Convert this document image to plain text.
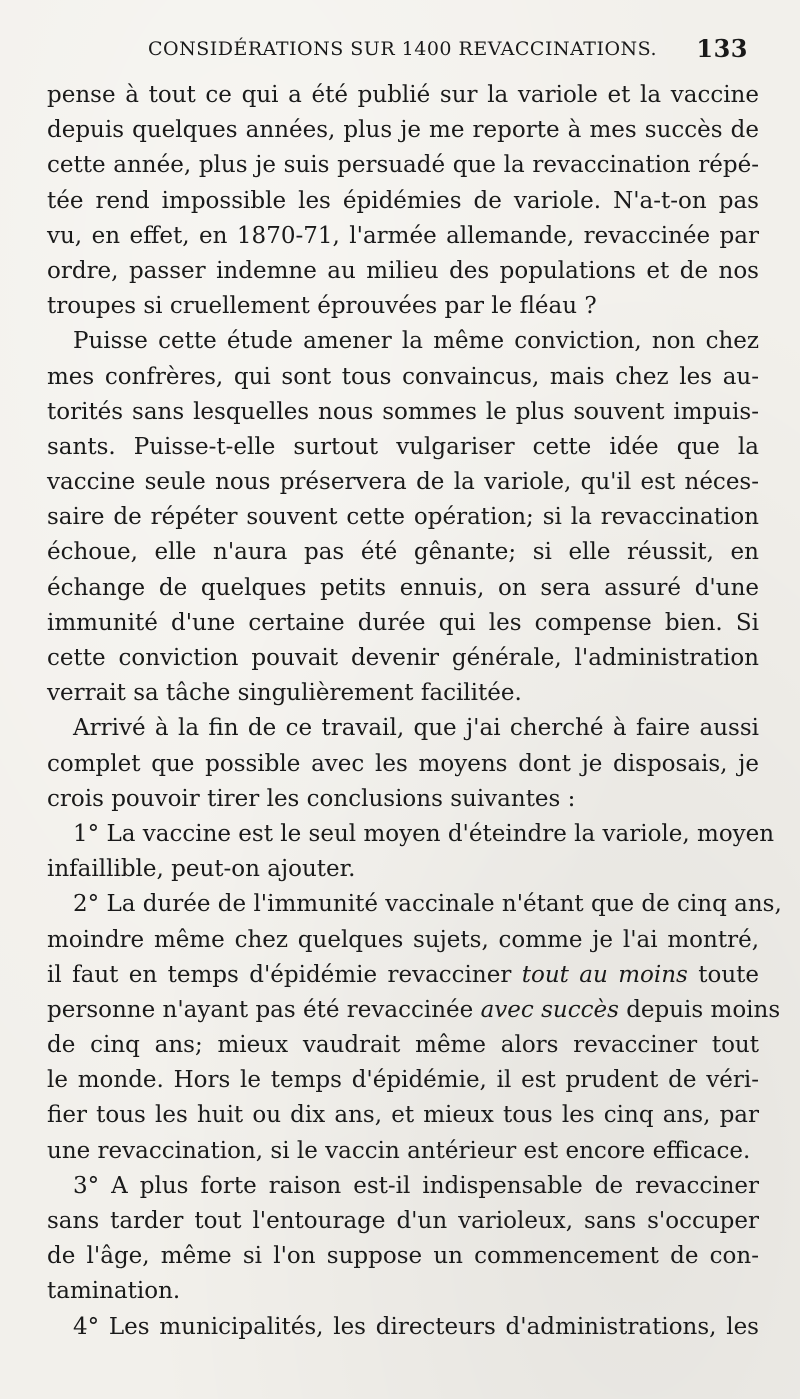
CONSIDÉRATIONS SUR 1400 REVACCINATIONS. 133
pense à tout ce qui a été publié sur la variole et la vaccine
depuis quelques années, plus je me reporte à mes succès de
cette année, plus je suis persuadé que la revaccination répé-
tée rend impossible les épidémies de variole. N'a-t-on pas
vu, en effet, en 1870-71, l'armée allemande, revaccinée par
ordre, passer indemne au milieu des populations et de nos
troupes si cruellement éprouvées par le fléau ?
Puisse cette étude amener la même conviction, non chez
mes confrères, qui sont tous convaincus, mais chez les au-
torités sans lesquelles nous sommes le plus souvent impuis-
sants. Puisse-t-elle surtout vulgariser cette idée que la
vaccine seule nous préservera de la variole, qu'il est néces-
saire de répéter souvent cette opération; si la revaccination
échoue, elle n'aura pas été gênante; si elle réussit, en
échange de quelques petits ennuis, on sera assuré d'une
immunité d'une certaine durée qui les compense bien. Si
cette conviction pouvait devenir générale, l'administration
verrait sa tâche singulièrement facilitée.
Arrivé à la fin de ce travail, que j'ai cherché à faire aussi
complet que possible avec les moyens dont je disposais, je
crois pouvoir tirer les conclusions suivantes :
1° La vaccine est le seul moyen d'éteindre la variole, moyen
infaillible, peut-on ajouter.
2° La durée de l'immunité vaccinale n'étant que de cinq ans,
moindre même chez quelques sujets, comme je l'ai montré,
il faut en temps d'épidémie revacciner tout au moins toute
personne n'ayant pas été revaccinée avec succès depuis moins
de cinq ans; mieux vaudrait même alors revacciner tout
le monde. Hors le temps d'épidémie, il est prudent de véri-
fier tous les huit ou dix ans, et mieux tous les cinq ans, par
une revaccination, si le vaccin antérieur est encore efficace.
3° A plus forte raison est-il indispensable de revacciner
sans tarder tout l'entourage d'un varioleux, sans s'occuper
de l'âge, même si l'on suppose un commencement de con-
tamination.
4° Les municipalités, les directeurs d'administrations, les
